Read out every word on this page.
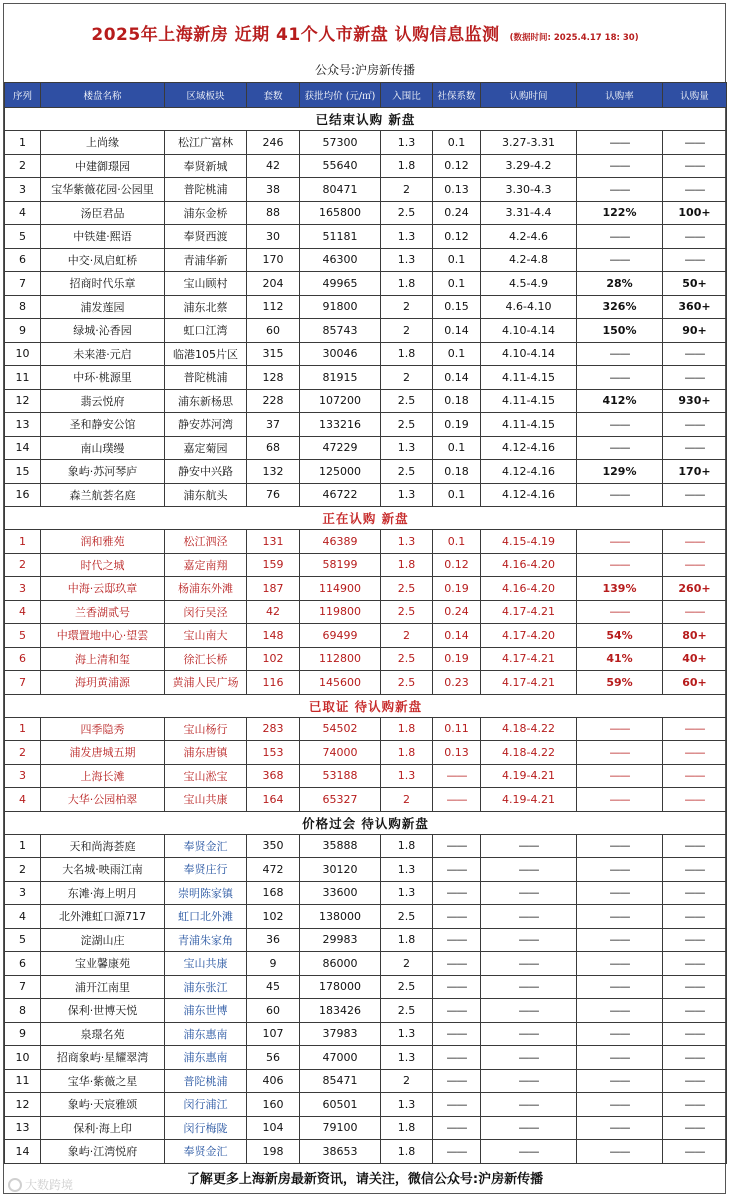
2025年上海新房 近期 41个人市新盘 认购信息监测 (数据时间: 2025.4.17 18: 30)
公众号:沪房新传播
序列	楼盘名称	区域板块	套数	获批均价 (元/㎡)	入围比	社保系数	认购时间	认购率	认购量
已结束认购 新盘									
1	上尚缘	松江广富林	246	57300	1.3	0.1	3.27-3.31	——	——
2	中建御璟园	奉贤新城	42	55640	1.8	0.12	3.29-4.2	——	——
3	宝华紫薇花园·公园里	普陀桃浦	38	80471	2	0.13	3.30-4.3	——	——
4	汤臣君品	浦东金桥	88	165800	2.5	0.24	3.31-4.4	122%	100+
5	中铁建·熙语	奉贤西渡	30	51181	1.3	0.12	4.2-4.6	——	——
6	中交·凤启虹桥	青浦华新	170	46300	1.3	0.1	4.2-4.8	——	——
7	招商时代乐章	宝山顾村	204	49965	1.8	0.1	4.5-4.9	28%	50+
8	浦发莲园	浦东北蔡	112	91800	2	0.15	4.6-4.10	326%	360+
9	绿城·沁香园	虹口江湾	60	85743	2	0.14	4.10-4.14	150%	90+
10	未来港·元启	临港105片区	315	30046	1.8	0.1	4.10-4.14	——	——
11	中环·桃源里	普陀桃浦	128	81915	2	0.14	4.11-4.15	——	——
12	翡云悦府	浦东新杨思	228	107200	2.5	0.18	4.11-4.15	412%	930+
13	圣和静安公馆	静安苏河湾	37	133216	2.5	0.19	4.11-4.15	——	——
14	南山璞缦	嘉定菊园	68	47229	1.3	0.1	4.12-4.16	——	——
15	象屿·苏河琴庐	静安中兴路	132	125000	2.5	0.18	4.12-4.16	129%	170+
16	森兰航荟名庭	浦东航头	76	46722	1.3	0.1	4.12-4.16	——	——
正在认购 新盘									
1	润和雅苑	松江泗泾	131	46389	1.3	0.1	4.15-4.19	——	——
2	时代之城	嘉定南翔	159	58199	1.8	0.12	4.16-4.20	——	——
3	中海·云邸玖章	杨浦东外滩	187	114900	2.5	0.19	4.16-4.20	139%	260+
4	兰香湖贰号	闵行吴泾	42	119800	2.5	0.24	4.17-4.21	——	——
5	中環置地中心·望雲	宝山南大	148	69499	2	0.14	4.17-4.20	54%	80+
6	海上清和玺	徐汇长桥	102	112800	2.5	0.19	4.17-4.21	41%	40+
7	海玥黄浦源	黄浦人民广场	116	145600	2.5	0.23	4.17-4.21	59%	60+
已取证 待认购新盘									
1	四季隐秀	宝山杨行	283	54502	1.8	0.11	4.18-4.22	——	——
2	浦发唐城五期	浦东唐镇	153	74000	1.8	0.13	4.18-4.22	——	——
3	上海长滩	宝山淞宝	368	53188	1.3	——	4.19-4.21	——	——
4	大华·公园柏翠	宝山共康	164	65327	2	——	4.19-4.21	——	——
价格过会 待认购新盘									
1	天和尚海荟庭	奉贤金汇	350	35888	1.8	——	——	——	——
2	大名城·映雨江南	奉贤庄行	472	30120	1.3	——	——	——	——
3	东滩·海上明月	崇明陈家镇	168	33600	1.3	——	——	——	——
4	北外滩虹口源717	虹口北外滩	102	138000	2.5	——	——	——	——
5	淀湖山庄	青浦朱家角	36	29983	1.8	——	——	——	——
6	宝业馨康苑	宝山共康	9	86000	2	——	——	——	——
7	浦开江南里	浦东张江	45	178000	2.5	——	——	——	——
8	保利·世博天悦	浦东世博	60	183426	2.5	——	——	——	——
9	泉璟名苑	浦东惠南	107	37983	1.3	——	——	——	——
10	招商象屿·星耀翠湾	浦东惠南	56	47000	1.3	——	——	——	——
11	宝华·紫薇之星	普陀桃浦	406	85471	2	——	——	——	——
12	象屿·天宸雅颂	闵行浦江	160	60501	1.3	——	——	——	——
13	保利·海上印	闵行梅陇	104	79100	1.8	——	——	——	——
14	象屿·江湾悦府	奉贤金汇	198	38653	1.8	——	——	——	——
了解更多上海新房最新资讯，请关注，微信公众号:沪房新传播
大数跨境
